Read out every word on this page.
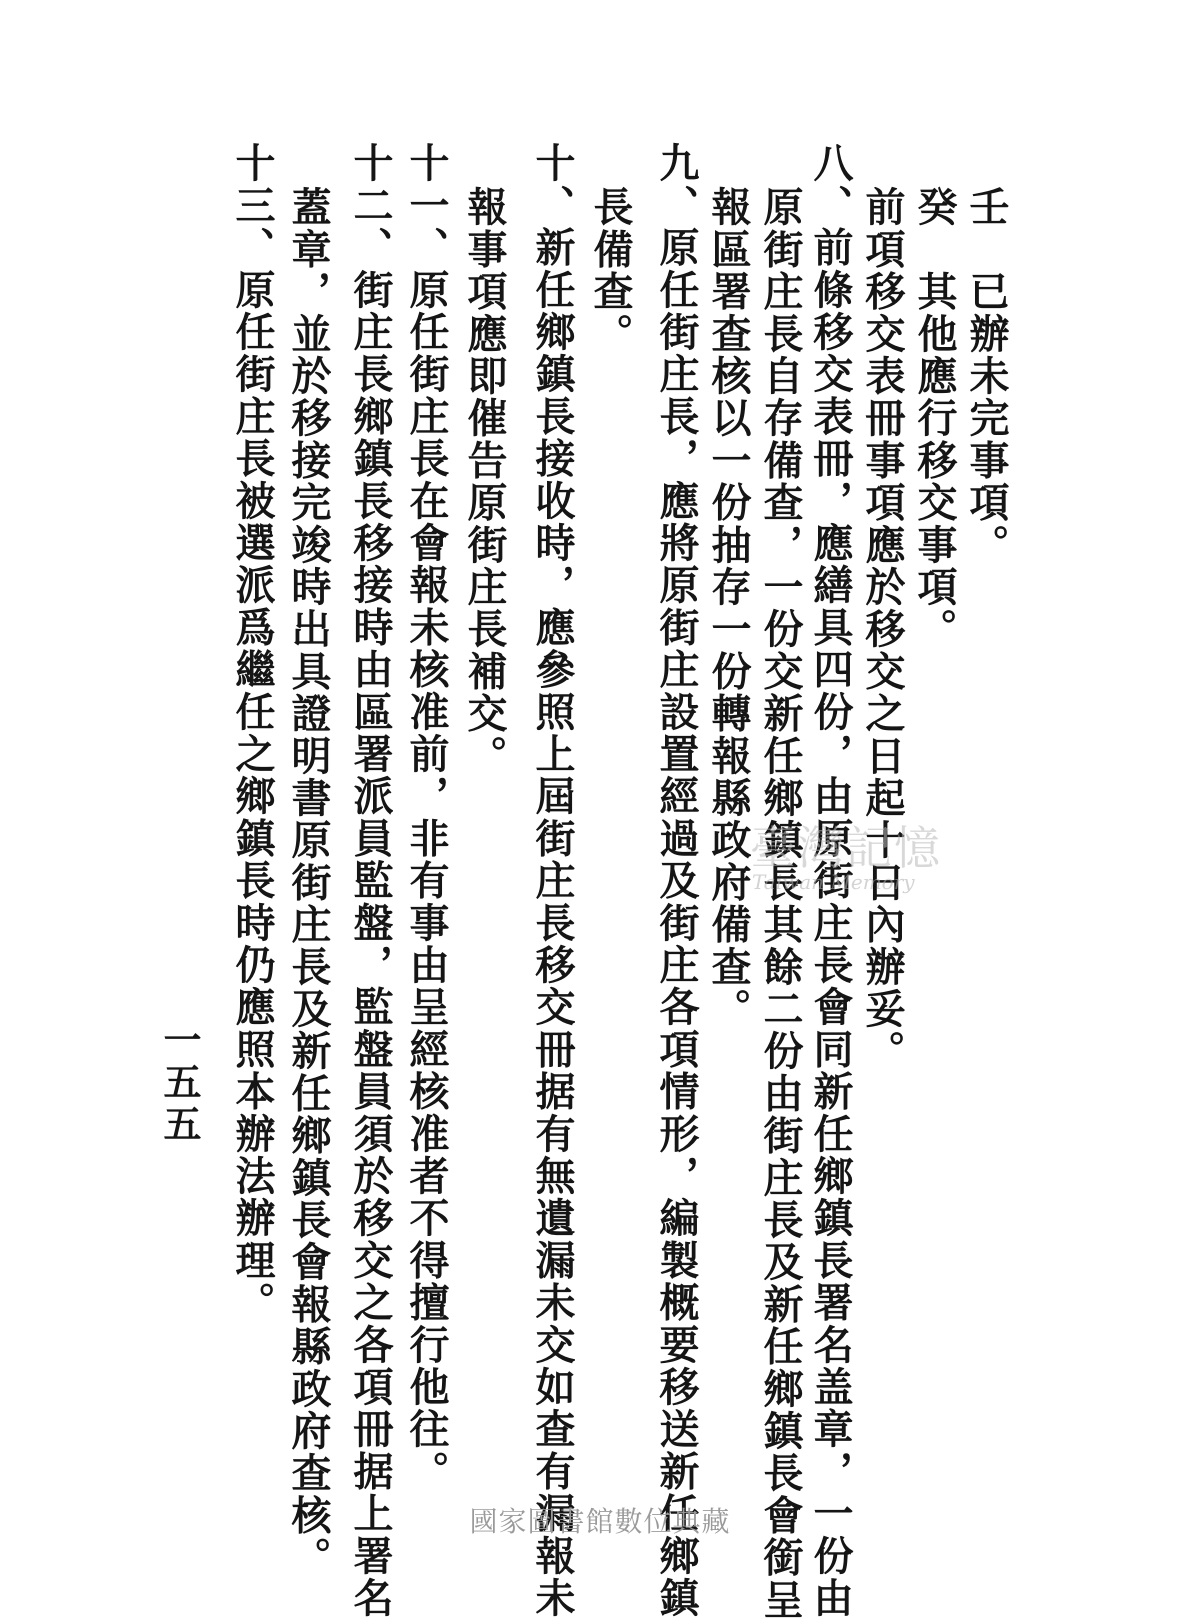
壬　已辦未完事項。
癸　其他應行移交事項。
前項移交表冊事項應於移交之日起十日內辦妥。
八、前條移交表冊，應繕具四份，由原街庄長會同新任鄉鎮長署名盖章，一份由
原街庄長自存備查，一份交新任鄉鎮長其餘二份由街庄長及新任鄉鎮長會銜呈
報區署查核以一份抽存一份轉報縣政府備查。
九、原任街庄長，應將原街庄設置經過及街庄各項情形，編製概要移送新任鄉鎮
長備查。
十、新任鄉鎮長接收時，應參照上屆街庄長移交冊据有無遺漏未交如查有漏報未
報事項應即催告原街庄長補交。
十一、原任街庄長在會報未核准前，非有事由呈經核准者不得擅行他往。
十二、街庄長鄉鎮長移接時由區署派員監盤，監盤員須於移交之各項冊据上署名
蓋章，並於移接完竣時出具證明書原街庄長及新任鄉鎮長會報縣政府查核。
十三、原任街庄長被選派爲繼任之鄉鎮長時仍應照本辦法辦理。
一五五
臺灣記憶
Taiwan Memory
國家圖書館數位典藏
